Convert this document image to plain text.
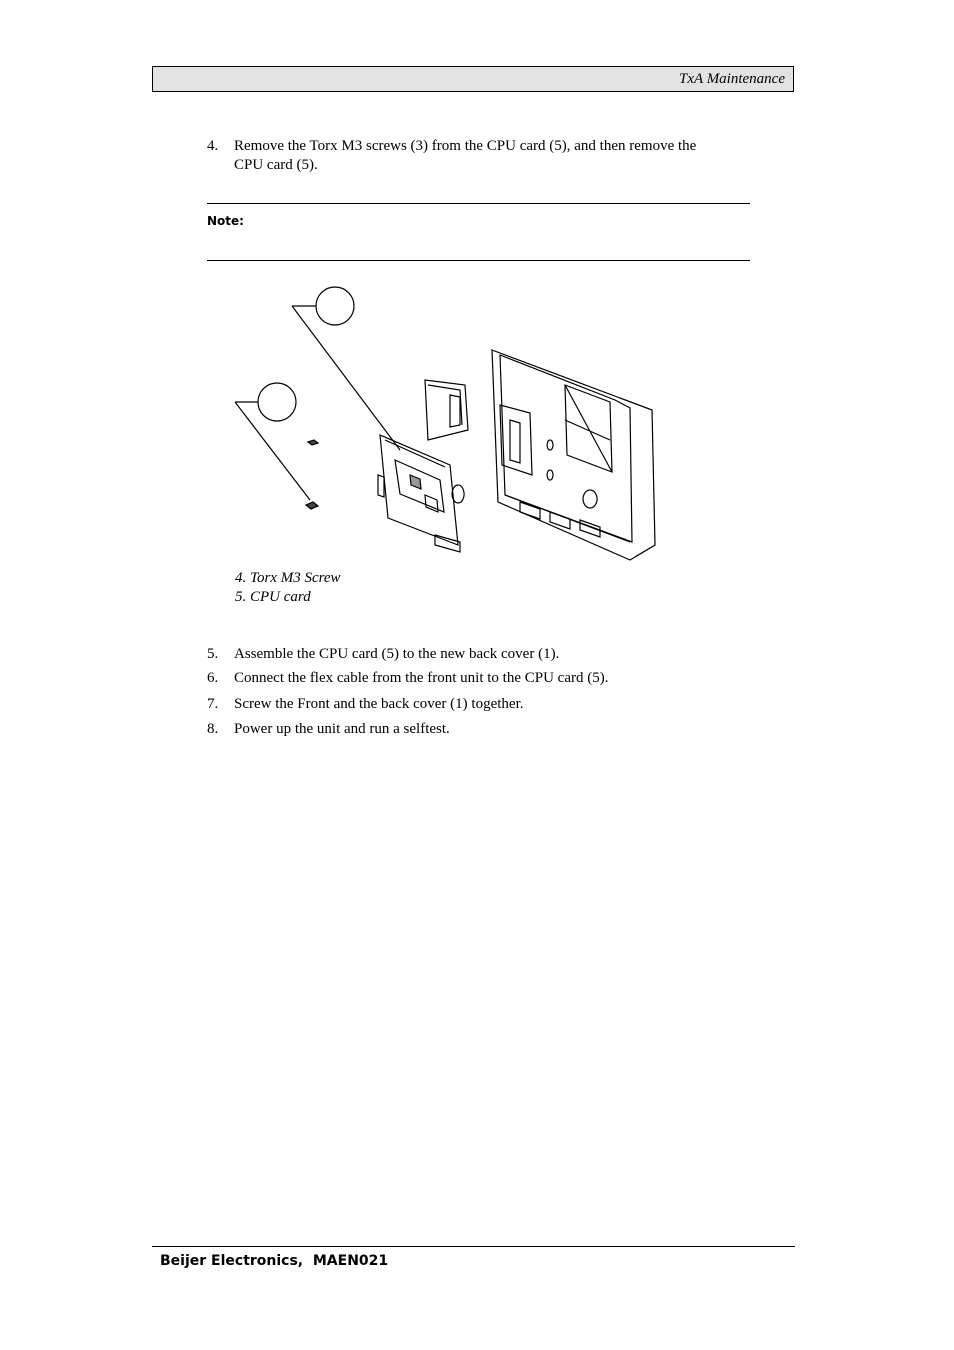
TxA Maintenance
4. Remove the Torx M3 screws (3) from the CPU card (5), and then remove the
CPU card (5).
Note:
4. Torx M3 Screw
5. CPU card
5. Assemble the CPU card (5) to the new back cover (1).
6. Connect the flex cable from the front unit to the CPU card (5).
7. Screw the Front and the back cover (1) together.
8. Power up the unit and run a selftest.
Beijer Electronics,  MAEN021
